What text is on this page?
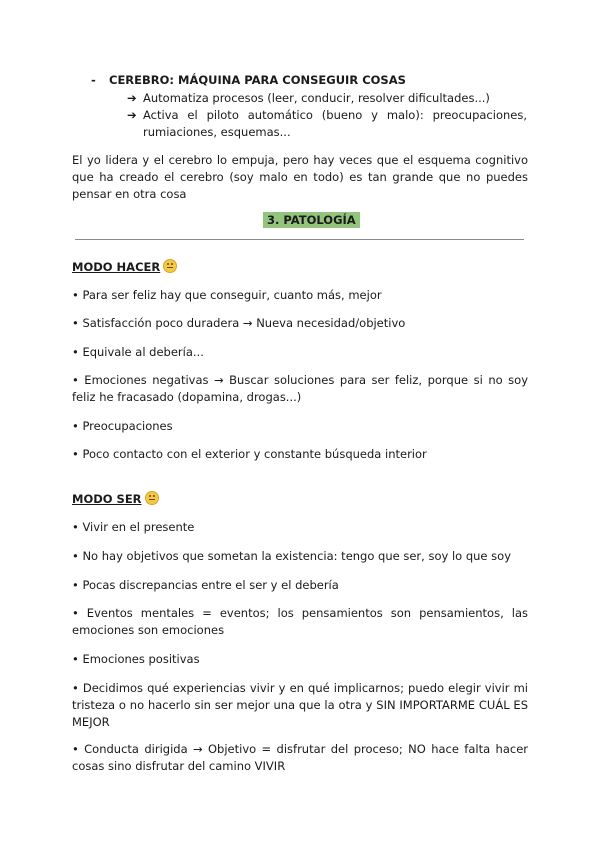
- CEREBRO: MÁQUINA PARA CONSEGUIR COSAS
➔ Automatiza procesos (leer, conducir, resolver dificultades...)
➔ Activa el piloto automático (bueno y malo): preocupaciones, rumiaciones, esquemas...
El yo lidera y el cerebro lo empuja, pero hay veces que el esquema cognitivo que ha creado el cerebro (soy malo en todo) es tan grande que no puedes pensar en otra cosa
3. PATOLOGÍA
MODO HACER
• Para ser feliz hay que conseguir, cuanto más, mejor
• Satisfacción poco duradera → Nueva necesidad/objetivo
• Equivale al debería...
• Emociones negativas → Buscar soluciones para ser feliz, porque si no soy feliz he fracasado (dopamina, drogas...)
• Preocupaciones
• Poco contacto con el exterior y constante búsqueda interior
MODO SER
• Vivir en el presente
• No hay objetivos que sometan la existencia: tengo que ser, soy lo que soy
• Pocas discrepancias entre el ser y el debería
• Eventos mentales = eventos; los pensamientos son pensamientos, las emociones son emociones
• Emociones positivas
• Decidimos qué experiencias vivir y en qué implicarnos; puedo elegir vivir mi tristeza o no hacerlo sin ser mejor una que la otra y SIN IMPORTARME CUÁL ES MEJOR
• Conducta dirigida → Objetivo = disfrutar del proceso; NO hace falta hacer cosas sino disfrutar del camino VIVIR
